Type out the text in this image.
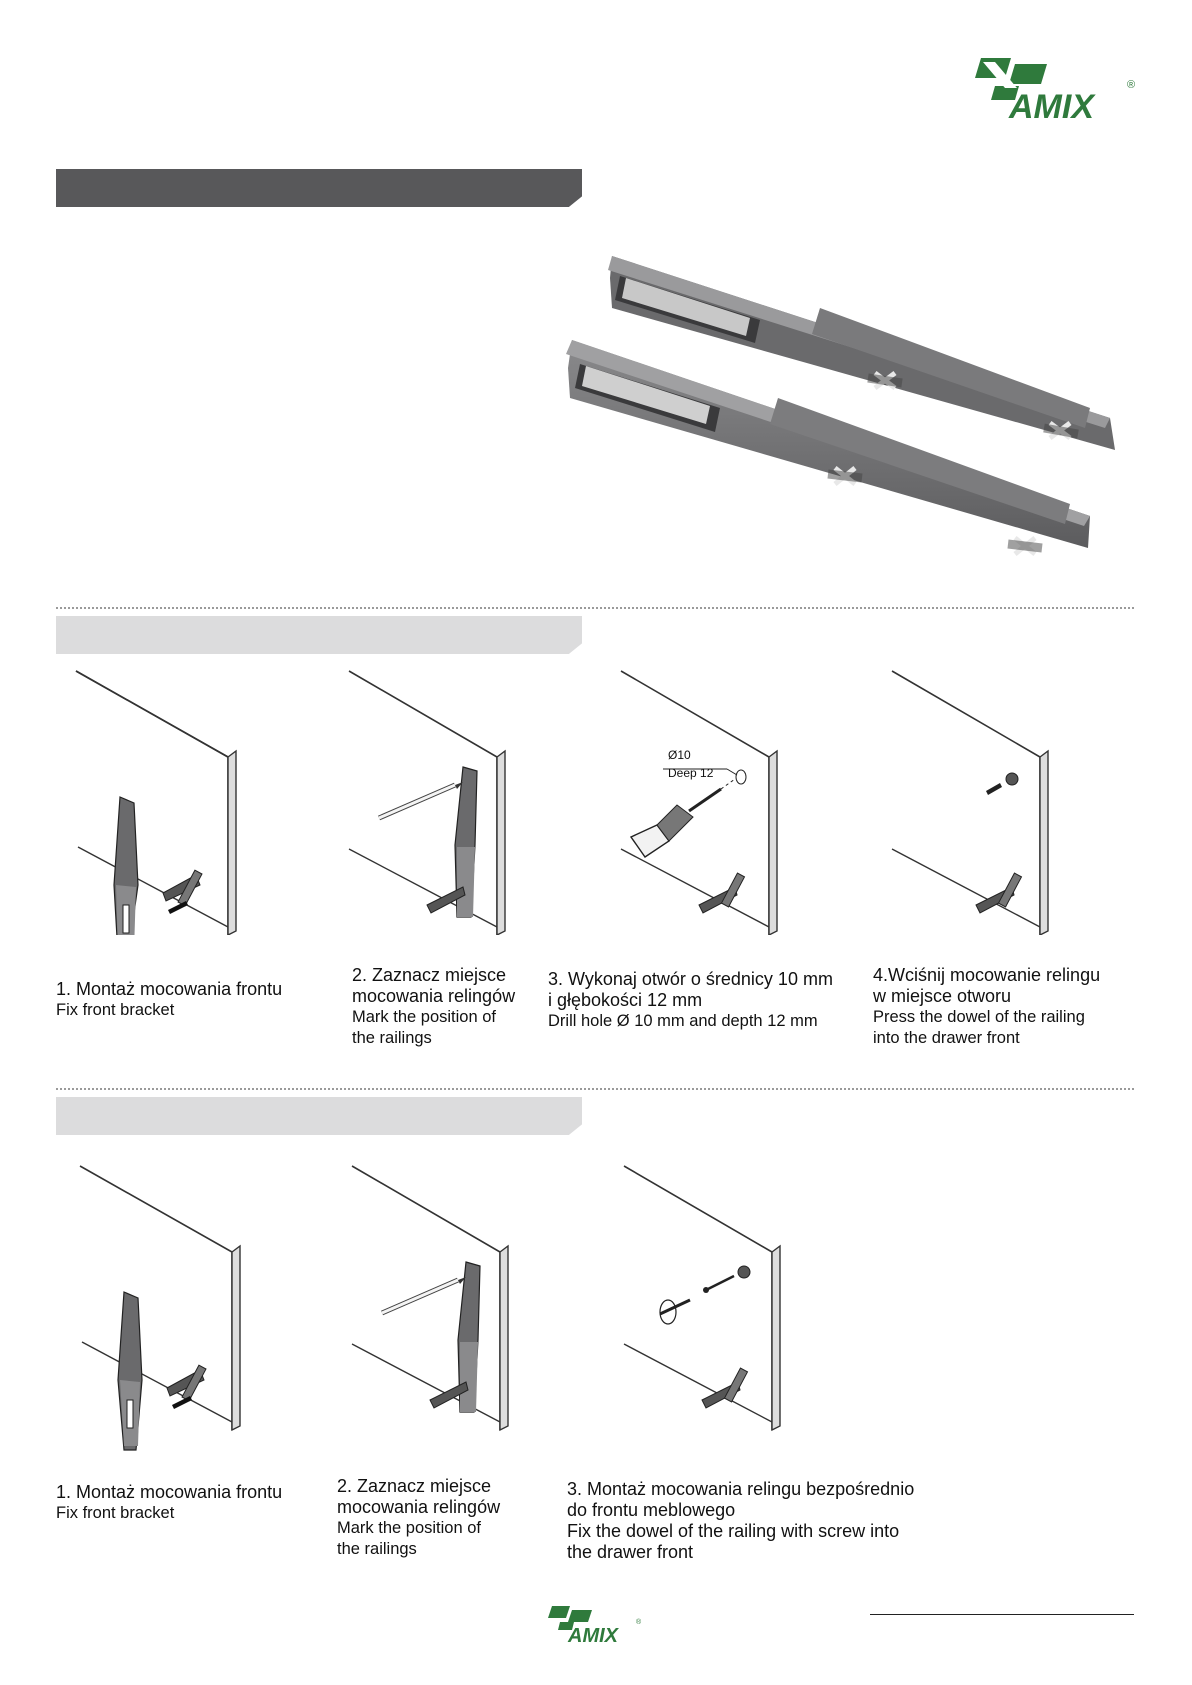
AMIX
®
Ø10
Deep 12
1. Montaż mocowania frontu
Fix front bracket
2. Zaznacz miejsce
mocowania relingów
Mark the position of
the railings
3. Wykonaj otwór o średnicy 10 mm
i głębokości 12 mm
Drill hole Ø 10 mm and depth 12 mm
4.Wciśnij mocowanie relingu
w miejsce otworu
Press the dowel of the railing
into the drawer front
1. Montaż mocowania frontu
Fix front bracket
2. Zaznacz miejsce
mocowania relingów
Mark the position of
the railings
3. Montaż mocowania relingu bezpośrednio
do frontu meblowego
Fix the dowel of the railing with screw into
the drawer front
AMIX
®
